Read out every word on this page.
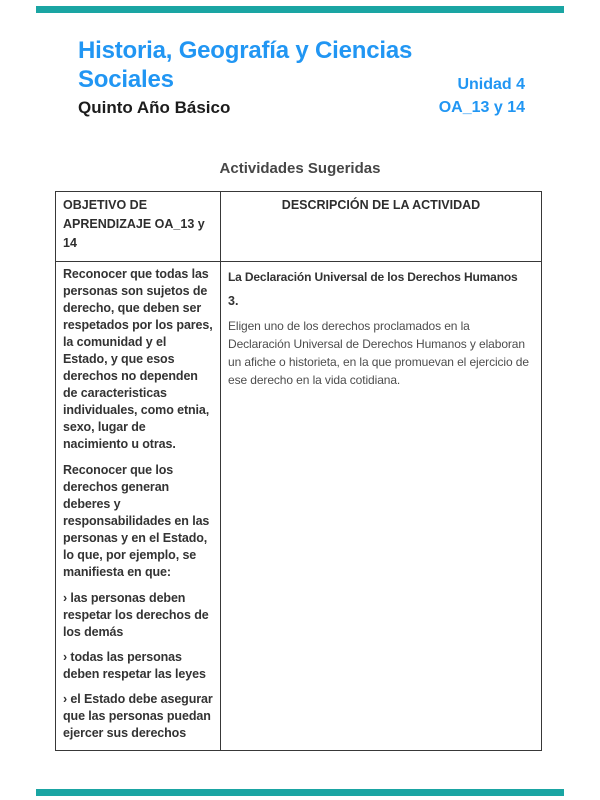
Historia, Geografía y Ciencias Sociales

Quinto Año Básico

Unidad 4
OA_13 y 14
Actividades Sugeridas
OBJETIVO DE APRENDIZAJE OA_13 y 14
DESCRIPCIÓN DE LA ACTIVIDAD

Reconocer que todas las personas son sujetos de derecho, que deben ser respetados por los pares, la comunidad y el Estado, y que esos derechos no dependen de caracteristicas individuales, como etnia, sexo, lugar de nacimiento u otras.

Reconocer que los derechos generan deberes y responsabilidades en las personas y en el Estado, lo que, por ejemplo, se manifiesta en que:

› las personas deben respetar los derechos de los demás

› todas las personas deben respetar las leyes

› el Estado debe asegurar que las personas puedan ejercer sus derechos

La Declaración Universal de los Derechos Humanos

3.

Eligen uno de los derechos proclamados en la Declaración Universal de Derechos Humanos y elaboran un afiche o historieta, en la que promuevan el ejercicio de ese derecho en la vida cotidiana.
